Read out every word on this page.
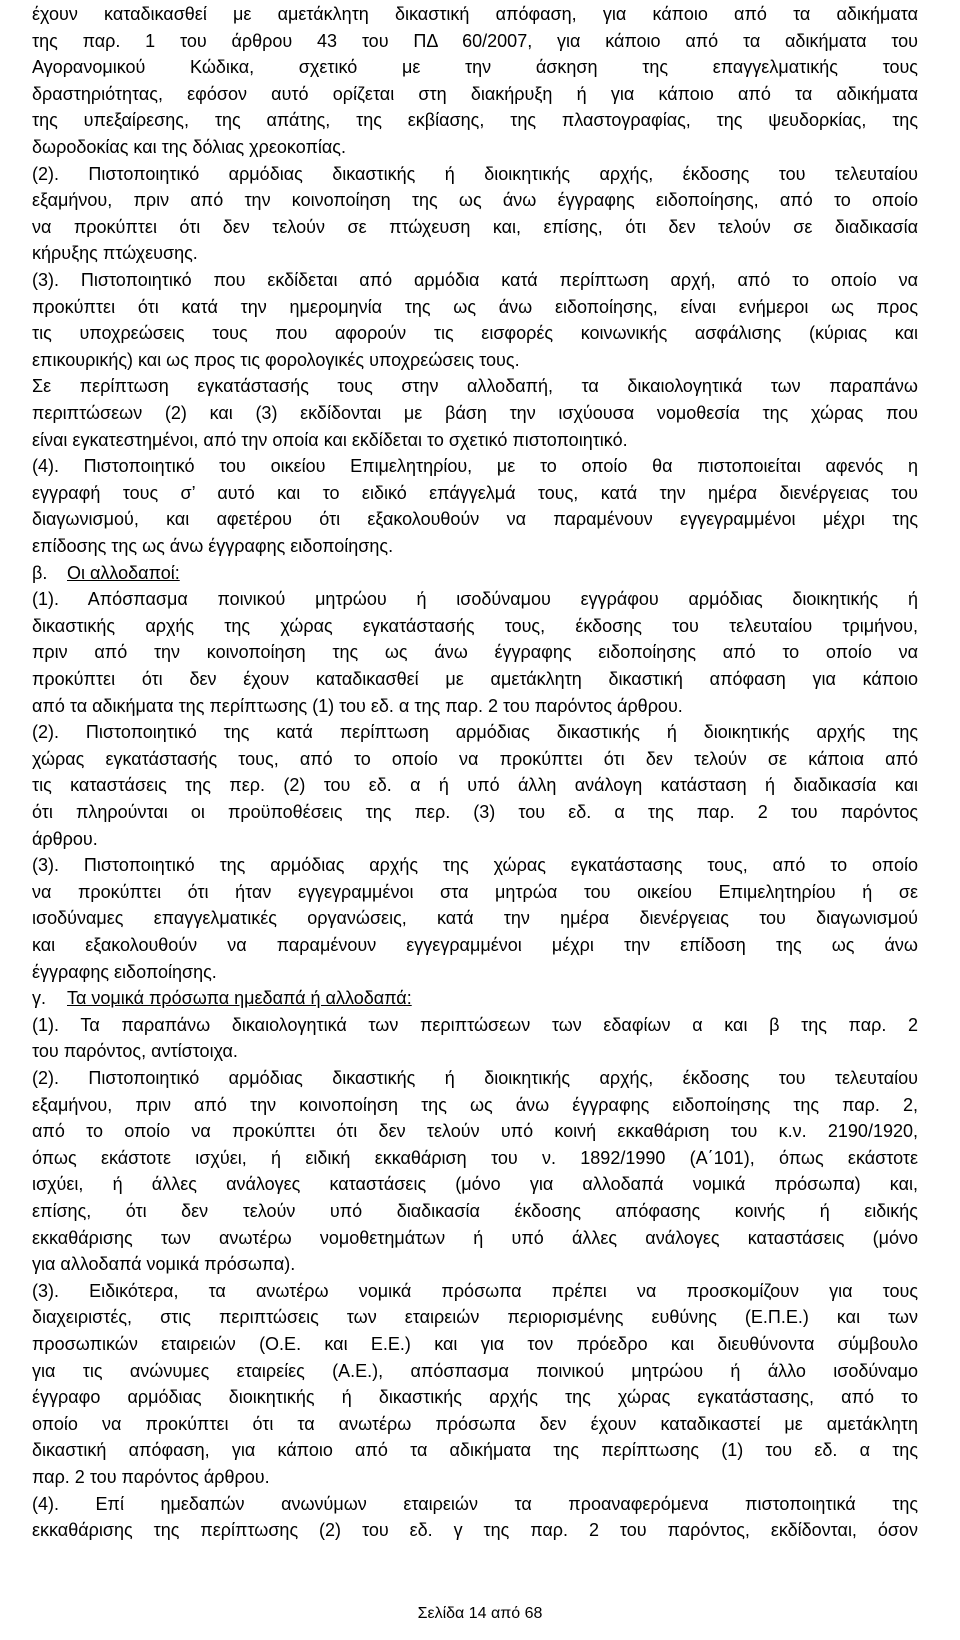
έχουν καταδικασθεί με αμετάκλητη δικαστική απόφαση, για κάποιο από τα αδικήματα
της παρ. 1 του άρθρου 43 του ΠΔ 60/2007, για κάποιο από τα αδικήματα του
Αγορανομικού Κώδικα, σχετικό με την άσκηση της επαγγελματικής τους
δραστηριότητας, εφόσον αυτό ορίζεται στη διακήρυξη ή για κάποιο από τα αδικήματα
της υπεξαίρεσης, της απάτης, της εκβίασης, της πλαστογραφίας, της ψευδορκίας, της
δωροδοκίας και της δόλιας χρεοκοπίας.
(2). Πιστοποιητικό αρμόδιας δικαστικής ή διοικητικής αρχής, έκδοσης του τελευταίου
εξαμήνου, πριν από την κοινοποίηση της ως άνω έγγραφης ειδοποίησης, από το οποίο
να προκύπτει ότι δεν τελούν σε πτώχευση και, επίσης, ότι δεν τελούν σε διαδικασία
κήρυξης πτώχευσης.
(3). Πιστοποιητικό που εκδίδεται από αρμόδια κατά περίπτωση αρχή, από το οποίο να
προκύπτει ότι κατά την ημερομηνία της ως άνω ειδοποίησης, είναι ενήμεροι ως προς
τις υποχρεώσεις τους που αφορούν τις εισφορές κοινωνικής ασφάλισης (κύριας και
επικουρικής) και ως προς τις φορολογικές υποχρεώσεις τους.
Σε περίπτωση εγκατάστασής τους στην αλλοδαπή, τα δικαιολογητικά των παραπάνω
περιπτώσεων (2) και (3) εκδίδονται με βάση την ισχύουσα νομοθεσία της χώρας που
είναι εγκατεστημένοι, από την οποία και εκδίδεται το σχετικό πιστοποιητικό.
(4). Πιστοποιητικό του οικείου Επιμελητηρίου, με το οποίο θα πιστοποιείται αφενός η
εγγραφή τους σ’ αυτό και το ειδικό επάγγελμά τους, κατά την ημέρα διενέργειας του
διαγωνισμού, και αφετέρου ότι εξακολουθούν να παραμένουν εγγεγραμμένοι μέχρι της
επίδοσης της ως άνω έγγραφης ειδοποίησης.
β. Οι αλλοδαποί:
(1). Απόσπασμα ποινικού μητρώου ή ισοδύναμου εγγράφου αρμόδιας διοικητικής ή
δικαστικής αρχής της χώρας εγκατάστασής τους, έκδοσης του τελευταίου τριμήνου,
πριν από την κοινοποίηση της ως άνω έγγραφης ειδοποίησης από το οποίο να
προκύπτει ότι δεν έχουν καταδικασθεί με αμετάκλητη δικαστική απόφαση για κάποιο
από τα αδικήματα της περίπτωσης (1) του εδ. α της παρ. 2 του παρόντος άρθρου.
(2). Πιστοποιητικό της κατά περίπτωση αρμόδιας δικαστικής ή διοικητικής αρχής της
χώρας εγκατάστασής τους, από το οποίο να προκύπτει ότι δεν τελούν σε κάποια από
τις καταστάσεις της περ. (2) του εδ. α ή υπό άλλη ανάλογη κατάσταση ή διαδικασία και
ότι πληρούνται οι προϋποθέσεις της περ. (3) του εδ. α της παρ. 2 του παρόντος
άρθρου.
(3). Πιστοποιητικό της αρμόδιας αρχής της χώρας εγκατάστασης τους, από το οποίο
να προκύπτει ότι ήταν εγγεγραμμένοι στα μητρώα του οικείου Επιμελητηρίου ή σε
ισοδύναμες επαγγελματικές οργανώσεις, κατά την ημέρα διενέργειας του διαγωνισμού
και εξακολουθούν να παραμένουν εγγεγραμμένοι μέχρι την επίδοση της ως άνω
έγγραφης ειδοποίησης.
γ. Τα νομικά πρόσωπα ημεδαπά ή αλλοδαπά:
(1). Τα παραπάνω δικαιολογητικά των περιπτώσεων των εδαφίων α και β της παρ. 2
του παρόντος, αντίστοιχα.
(2). Πιστοποιητικό αρμόδιας δικαστικής ή διοικητικής αρχής, έκδοσης του τελευταίου
εξαμήνου, πριν από την κοινοποίηση της ως άνω έγγραφης ειδοποίησης της παρ. 2,
από το οποίο να προκύπτει ότι δεν τελούν υπό κοινή εκκαθάριση του κ.ν. 2190/1920,
όπως εκάστοτε ισχύει, ή ειδική εκκαθάριση του ν. 1892/1990 (Α΄101), όπως εκάστοτε
ισχύει, ή άλλες ανάλογες καταστάσεις (μόνο για αλλοδαπά νομικά πρόσωπα) και,
επίσης, ότι δεν τελούν υπό διαδικασία έκδοσης απόφασης κοινής ή ειδικής
εκκαθάρισης των ανωτέρω νομοθετημάτων ή υπό άλλες ανάλογες καταστάσεις (μόνο
για αλλοδαπά νομικά πρόσωπα).
(3). Ειδικότερα, τα ανωτέρω νομικά πρόσωπα πρέπει να προσκομίζουν για τους
διαχειριστές, στις περιπτώσεις των εταιρειών περιορισμένης ευθύνης (Ε.Π.Ε.) και των
προσωπικών εταιρειών (Ο.Ε. και Ε.Ε.) και για τον πρόεδρο και διευθύνοντα σύμβουλο
για τις ανώνυμες εταιρείες (Α.Ε.), απόσπασμα ποινικού μητρώου ή άλλο ισοδύναμο
έγγραφο αρμόδιας διοικητικής ή δικαστικής αρχής της χώρας εγκατάστασης, από το
οποίο να προκύπτει ότι τα ανωτέρω πρόσωπα δεν έχουν καταδικαστεί με αμετάκλητη
δικαστική απόφαση, για κάποιο από τα αδικήματα της περίπτωσης (1) του εδ. α της
παρ. 2 του παρόντος άρθρου.
(4). Επί ημεδαπών ανωνύμων εταιρειών τα προαναφερόμενα πιστοποιητικά της
εκκαθάρισης της περίπτωσης (2) του εδ. γ της παρ. 2 του παρόντος, εκδίδονται, όσον
Σελίδα 14 από 68
